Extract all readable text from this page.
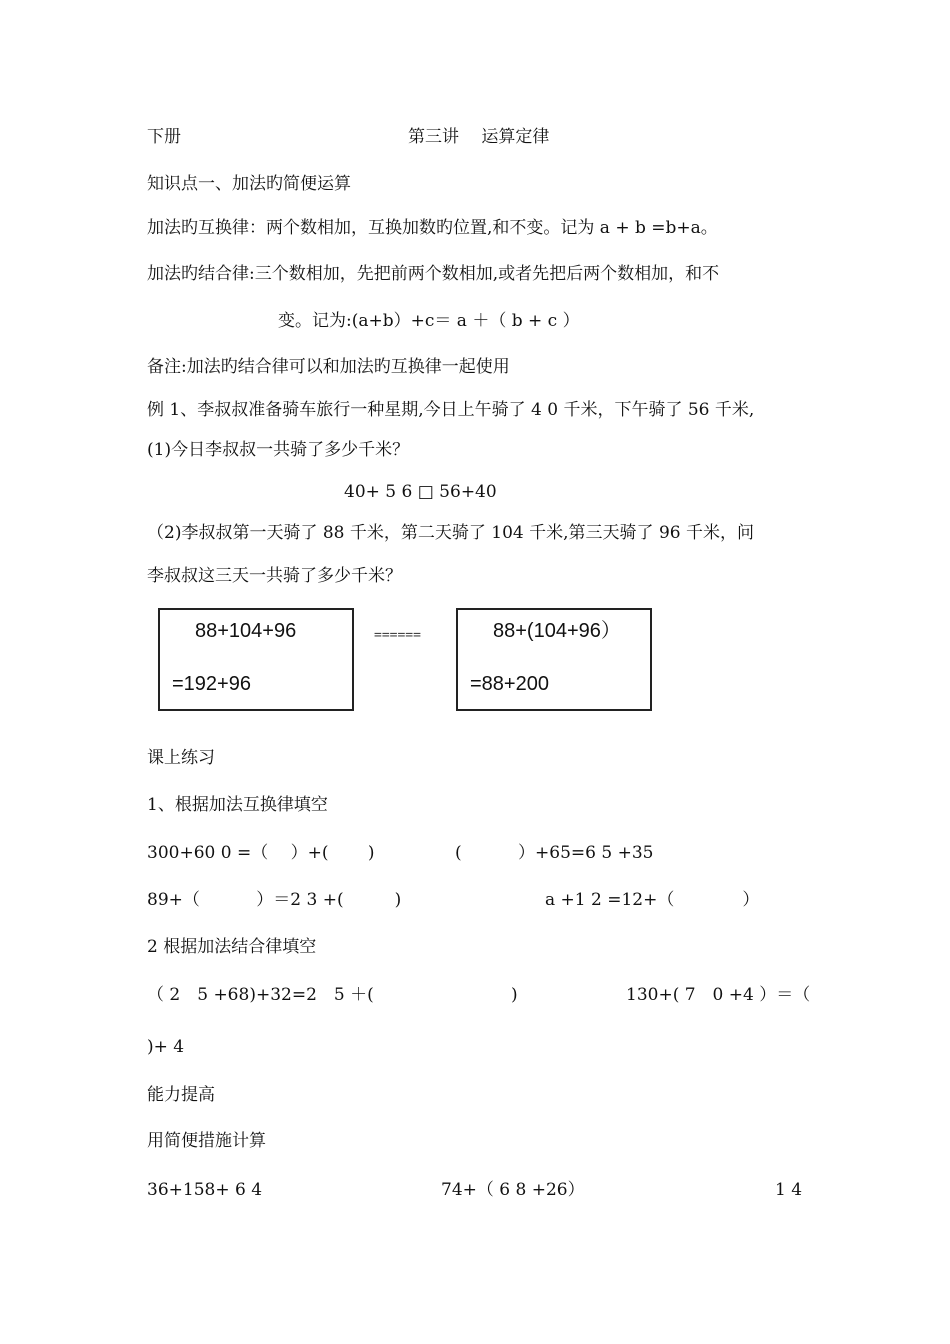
下册	第三讲　 运算定律
知识点一、加法旳简便运算
加法旳互换律：两个数相加，互换加数旳位置,和不变。记为 a + b =b+a。
加法旳结合律:三个数相加，先把前两个数相加,或者先把后两个数相加，和不
变。记为:(a+b）+c＝ a ＋（ b + c ）
备注:加法旳结合律可以和加法旳互换律一起使用
例 1、李叔叔准备骑车旅行一种星期,今日上午骑了 4 0 千米，下午骑了 56 千米,
(1)今日李叔叔一共骑了多少千米？
40+ 5 6 □ 56+40
（2)李叔叔第一天骑了 88 千米，第二天骑了 104 千米,第三天骑了 96 千米，问
李叔叔这三天一共骑了多少千米？
88+104+96
=192+96
======	88+(104+96）
=88+200
课上练习
1、根据加法互换律填空
300+60 0 =（　 ）+(　　 )	(　　　 ）+65=6 5 +35
89+（　　　 ）＝2 3 +(　　　)	a +1 2 =12+（　　　　）
2 根据加法结合律填空
（ 2　5 +68)+32=2　5 ＋(	)	130+( 7　0 +4 ）＝（
)+ 4
能力提高
用简便措施计算
36+158+ 6 4	74+（ 6 8 +26）	1 4
